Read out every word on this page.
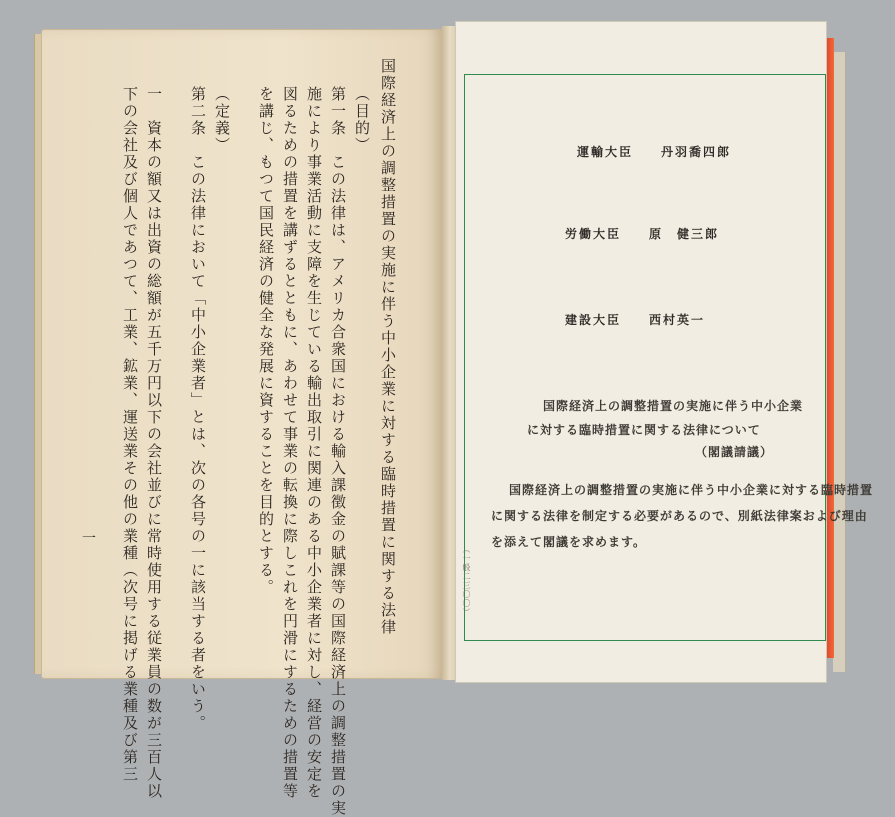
国際経済上の調整措置の実施に伴う中小企業に対する臨時措置に関する法律
（目的）
第一条　この法律は、アメリカ合衆国における輸入課徴金の賦課等の国際経済上の調整措置の実
施により事業活動に支障を生じている輸出取引に関連のある中小企業者に対し、経営の安定を
図るための措置を講ずるとともに、あわせて事業の転換に際しこれを円滑にするための措置等
を講じ、もつて国民経済の健全な発展に資することを目的とする。
（定義）
第二条　この法律において「中小企業者」とは、次の各号の一に該当する者をいう。
一　資本の額又は出資の総額が五千万円以下の会社並びに常時使用する従業員の数が三百人以
下の会社及び個人であつて、工業、鉱業、運送業その他の業種（次号に掲げる業種及び第三
一
運輸大臣 丹羽喬四郎
労働大臣 原　健三郎
建設大臣 西村英一
国際経済上の調整措置の実施に伴う中小企業
に対する臨時措置に関する法律について
（閣議請議）
国際経済上の調整措置の実施に伴う中小企業に対する臨時措置
に関する法律を制定する必要があるので、別紙法律案および理由
を添えて閣議を求めます。
（一般二三〇〇）
